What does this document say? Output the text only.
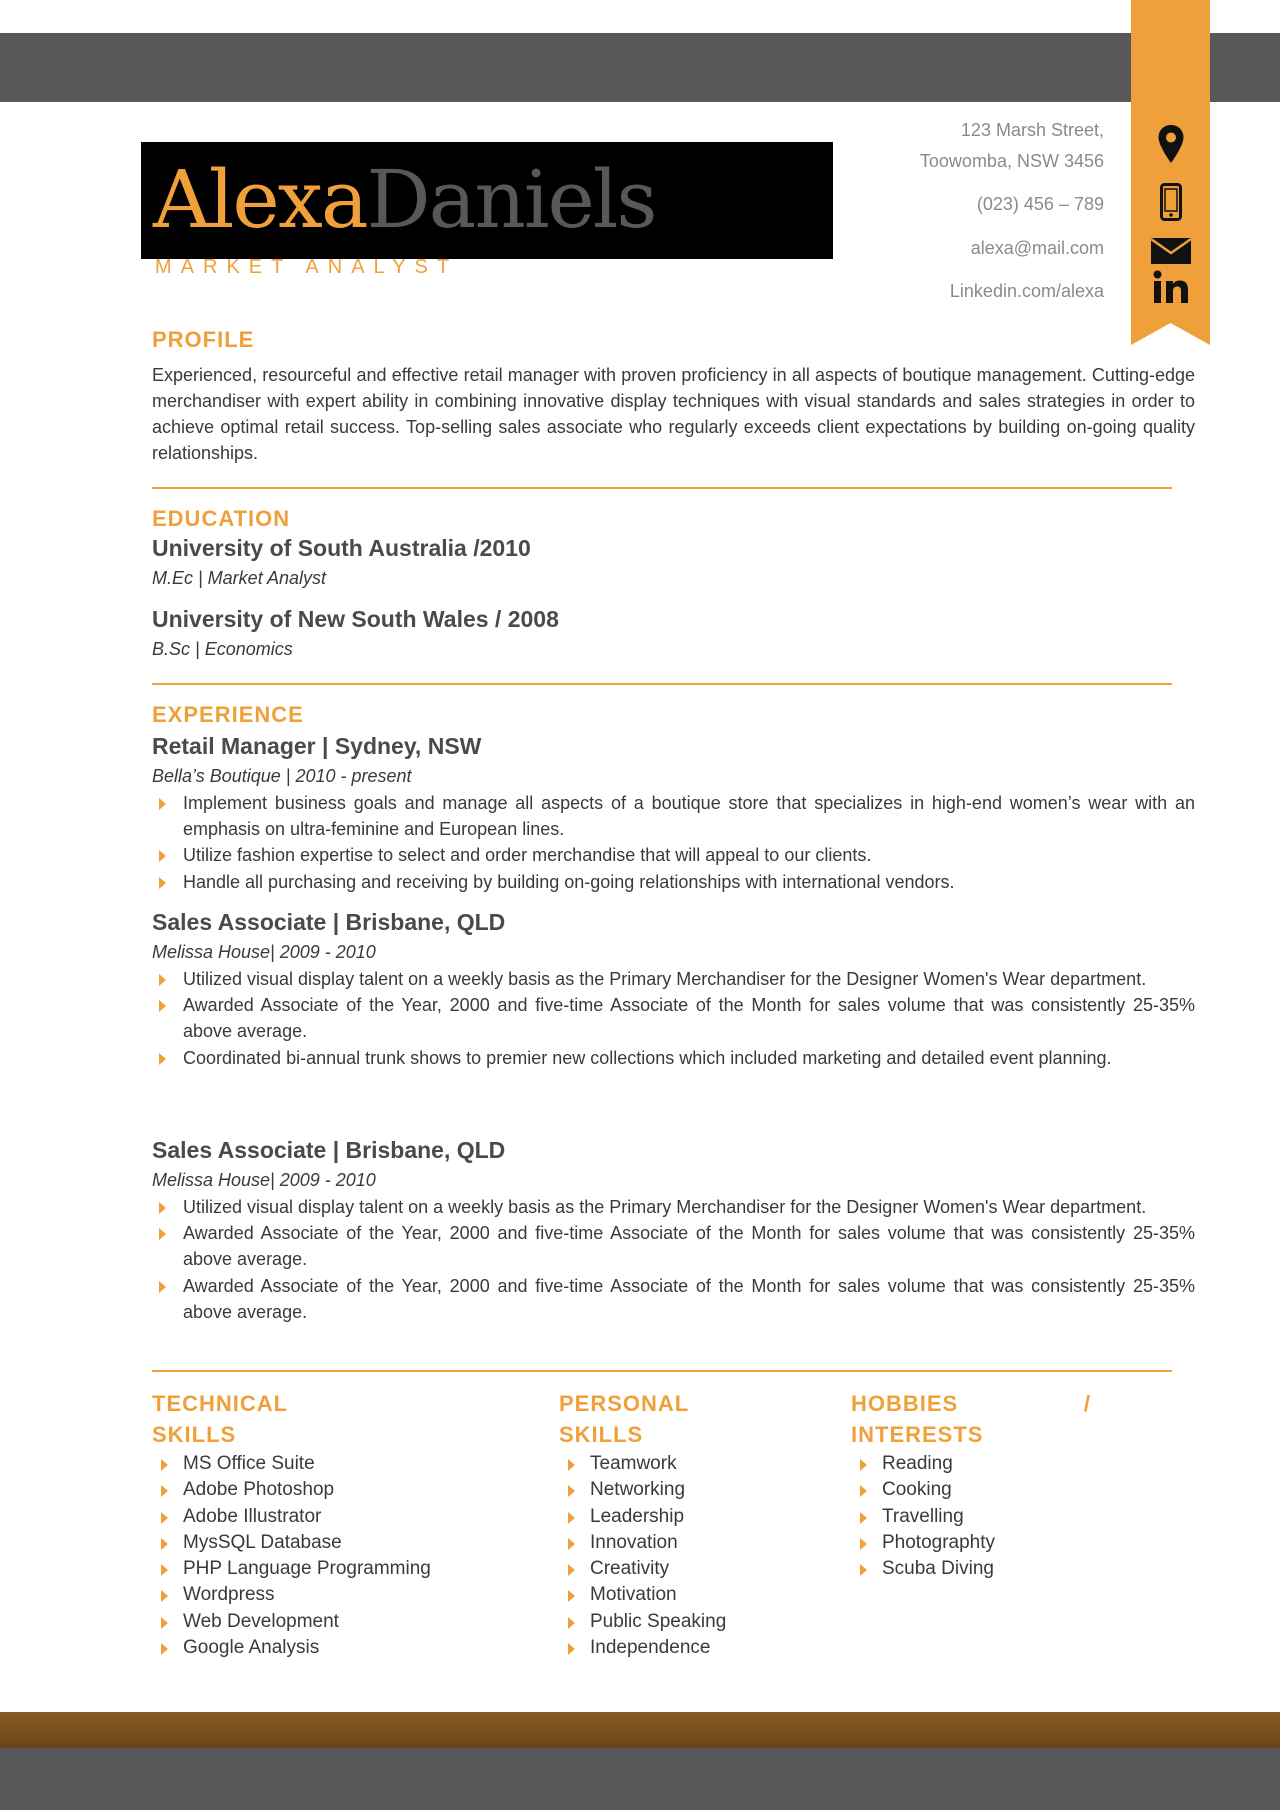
AlexaDaniels
MARKET ANALYST
123 Marsh Street,
Toowomba, NSW 3456
(023) 456 – 789
alexa@mail.com
Linkedin.com/alexa
PROFILE

Experienced, resourceful and effective retail manager with proven proficiency in all aspects of boutique management. Cutting-edge merchandiser with expert ability in combining innovative display techniques with visual standards and sales strategies in order to achieve optimal retail success. Top-selling sales associate who regularly exceeds client expectations by building on-going quality relationships.

EDUCATION
University of South Australia /2010
M.Ec | Market Analyst
University of New South Wales / 2008
B.Sc | Economics
EXPERIENCE
Retail Manager | Sydney, NSW
Bella’s Boutique | 2010 - present
Implement business goals and manage all aspects of a boutique store that specializes in high-end women’s wear with an emphasis on ultra-feminine and European lines.
Utilize fashion expertise to select and order merchandise that will appeal to our clients.
Handle all purchasing and receiving by building on-going relationships with international vendors.
Sales Associate | Brisbane, QLD
Melissa House| 2009 - 2010
Utilized visual display talent on a weekly basis as the Primary Merchandiser for the Designer Women's Wear department.
Awarded Associate of the Year, 2000 and five-time Associate of the Month for sales volume that was consistently 25-35% above average.
Coordinated bi-annual trunk shows to premier new collections which included marketing and detailed event planning.
Sales Associate | Brisbane, QLD
Melissa House| 2009 - 2010
Utilized visual display talent on a weekly basis as the Primary Merchandiser for the Designer Women's Wear department.
Awarded Associate of the Year, 2000 and five-time Associate of the Month for sales volume that was consistently 25-35% above average.
Awarded Associate of the Year, 2000 and five-time Associate of the Month for sales volume that was consistently 25-35% above average.
TECHNICAL
SKILLS
MS Office Suite
Adobe Photoshop
Adobe Illustrator
MysSQL Database
PHP Language Programming
Wordpress
Web Development
Google Analysis
PERSONAL
SKILLS
Teamwork
Networking
Leadership
Innovation
Creativity
Motivation
Public Speaking
Independence
HOBBIES	/
INTERESTS
Reading
Cooking
Travelling
Photographty
Scuba Diving
